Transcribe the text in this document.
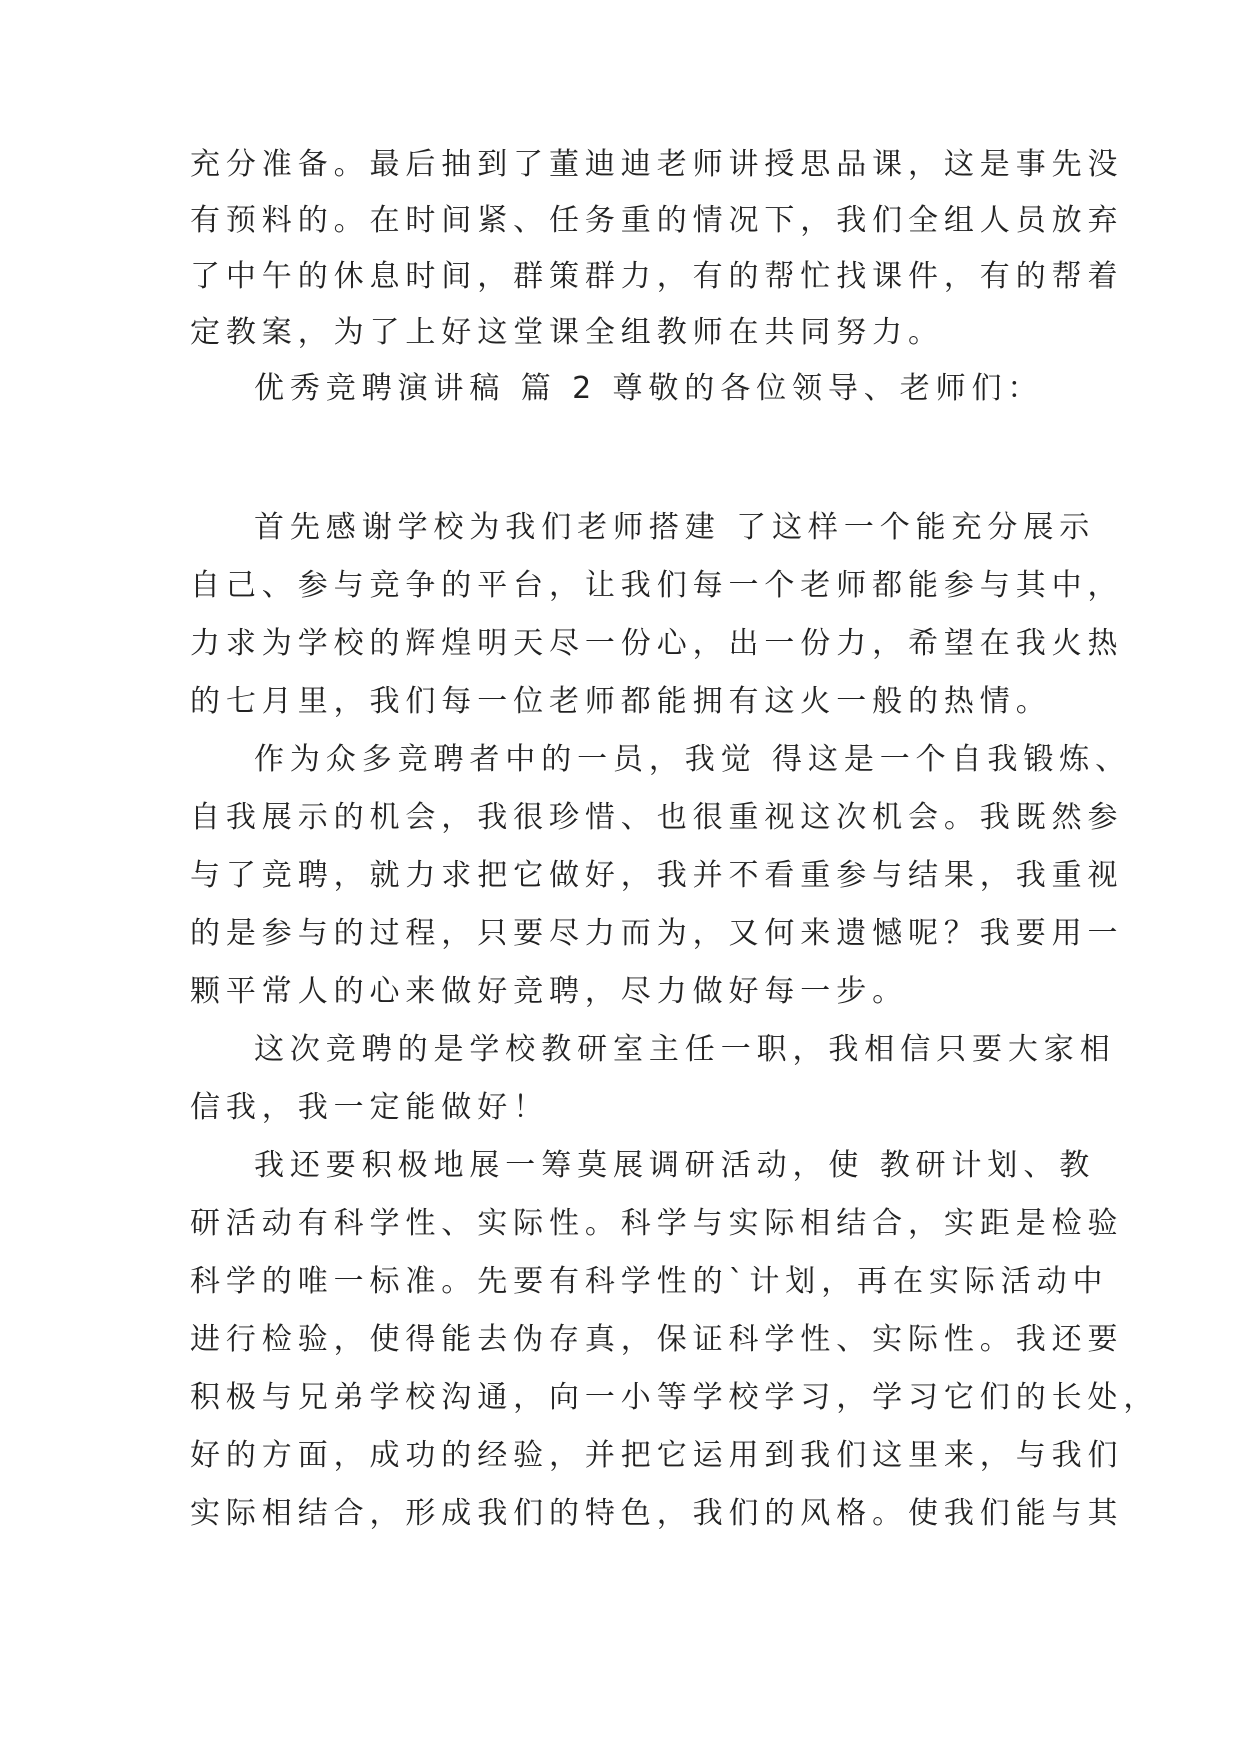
充分准备。最后抽到了董迪迪老师讲授思品课，这是事先没
有预料的。在时间紧、任务重的情况下，我们全组人员放弃
了中午的休息时间，群策群力，有的帮忙找课件，有的帮着
定教案，为了上好这堂课全组教师在共同努力。
优秀竞聘演讲稿 篇 2 尊敬的各位领导、老师们：
首先感谢学校为我们老师搭建 了这样一个能充分展示
自己、参与竞争的平台，让我们每一个老师都能参与其中，
力求为学校的辉煌明天尽一份心，出一份力，希望在我火热
的七月里，我们每一位老师都能拥有这火一般的热情。
作为众多竞聘者中的一员，我觉 得这是一个自我锻炼、
自我展示的机会，我很珍惜、也很重视这次机会。我既然参
与了竞聘，就力求把它做好，我并不看重参与结果，我重视
的是参与的过程，只要尽力而为，又何来遗憾呢？我要用一
颗平常人的心来做好竞聘，尽力做好每一步。
这次竞聘的是学校教研室主任一职，我相信只要大家相
信我，我一定能做好！
我还要积极地展一筹莫展调研活动，使 教研计划、教
研活动有科学性、实际性。科学与实际相结合，实距是检验
科学的唯一标准。先要有科学性的`计划，再在实际活动中
进行检验，使得能去伪存真，保证科学性、实际性。我还要
积极与兄弟学校沟通，向一小等学校学习，学习它们的长处，
好的方面，成功的经验，并把它运用到我们这里来，与我们
实际相结合，形成我们的特色，我们的风格。使我们能与其
